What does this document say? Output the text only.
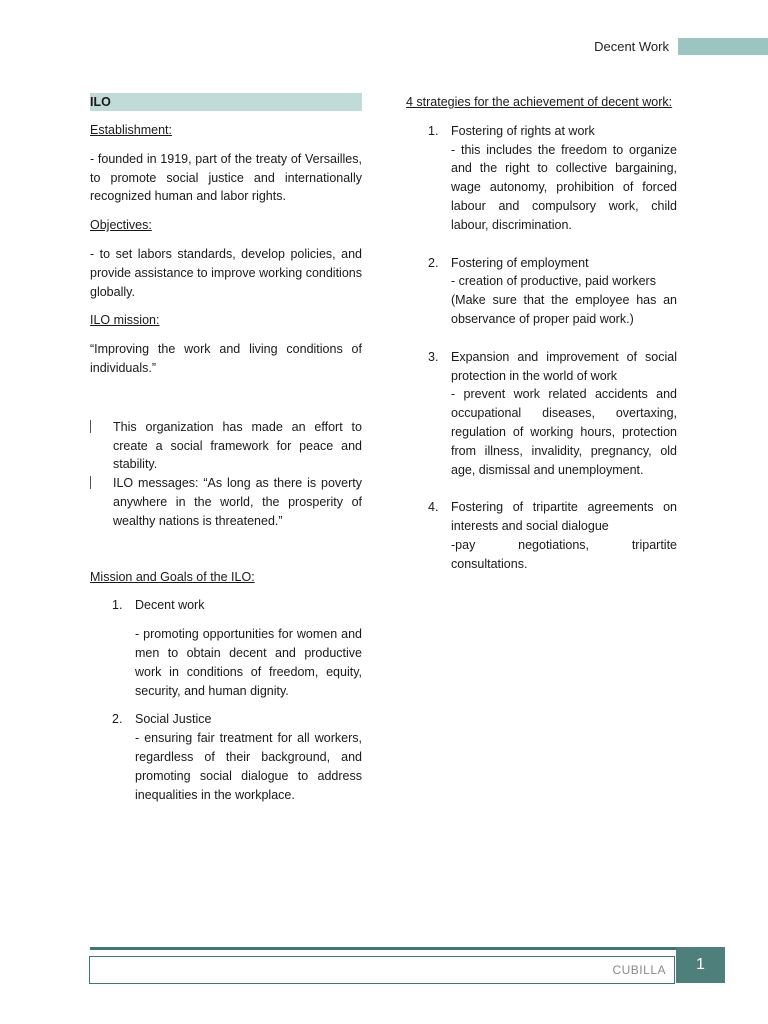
Decent Work

ILO

Establishment:

- founded in 1919, part of the treaty of Versailles, to promote social justice and internationally recognized human and labor rights.

Objectives:

- to set labors standards, develop policies, and provide assistance to improve working conditions globally.

ILO mission:

“Improving the work and living conditions of individuals.”

This organization has made an effort to create a social framework for peace and stability.
ILO messages: “As long as there is poverty anywhere in the world, the prosperity of wealthy nations is threatened.”

Mission and Goals of the ILO:

1. Decent work
- promoting opportunities for women and men to obtain decent and productive work in conditions of freedom, equity, security, and human dignity.
2. Social Justice
- ensuring fair treatment for all workers, regardless of their background, and promoting social dialogue to address inequalities in the workplace.

4 strategies for the achievement of decent work:

1. Fostering of rights at work
- this includes the freedom to organize and the right to collective bargaining, wage autonomy, prohibition of forced labour and compulsory work, child labour, discrimination.
2. Fostering of employment
- creation of productive, paid workers
(Make sure that the employee has an observance of proper paid work.)
3. Expansion and improvement of social protection in the world of work
- prevent work related accidents and occupational diseases, overtaxing, regulation of working hours, protection from illness, invalidity, pregnancy, old age, dismissal and unemployment.
4. Fostering of tripartite agreements on interests and social dialogue
-pay negotiations, tripartite consultations.
CUBILLA	1
